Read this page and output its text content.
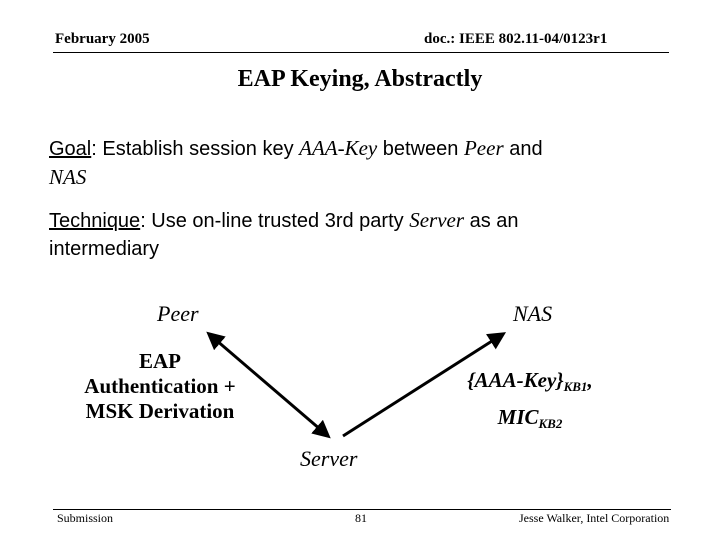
February 2005	doc.: IEEE 802.11-04/0123r1
EAP Keying, Abstractly
Goal: Establish session key AAA-Key between Peer and
NAS
Technique: Use on-line trusted 3rd party Server as an
intermediary
Peer	NAS
Server
EAP
Authentication +
MSK Derivation
$\{AAA-Key\}_{KB1}$,
$MIC_{KB2}$
Submission	81	Jesse Walker, Intel Corporation
